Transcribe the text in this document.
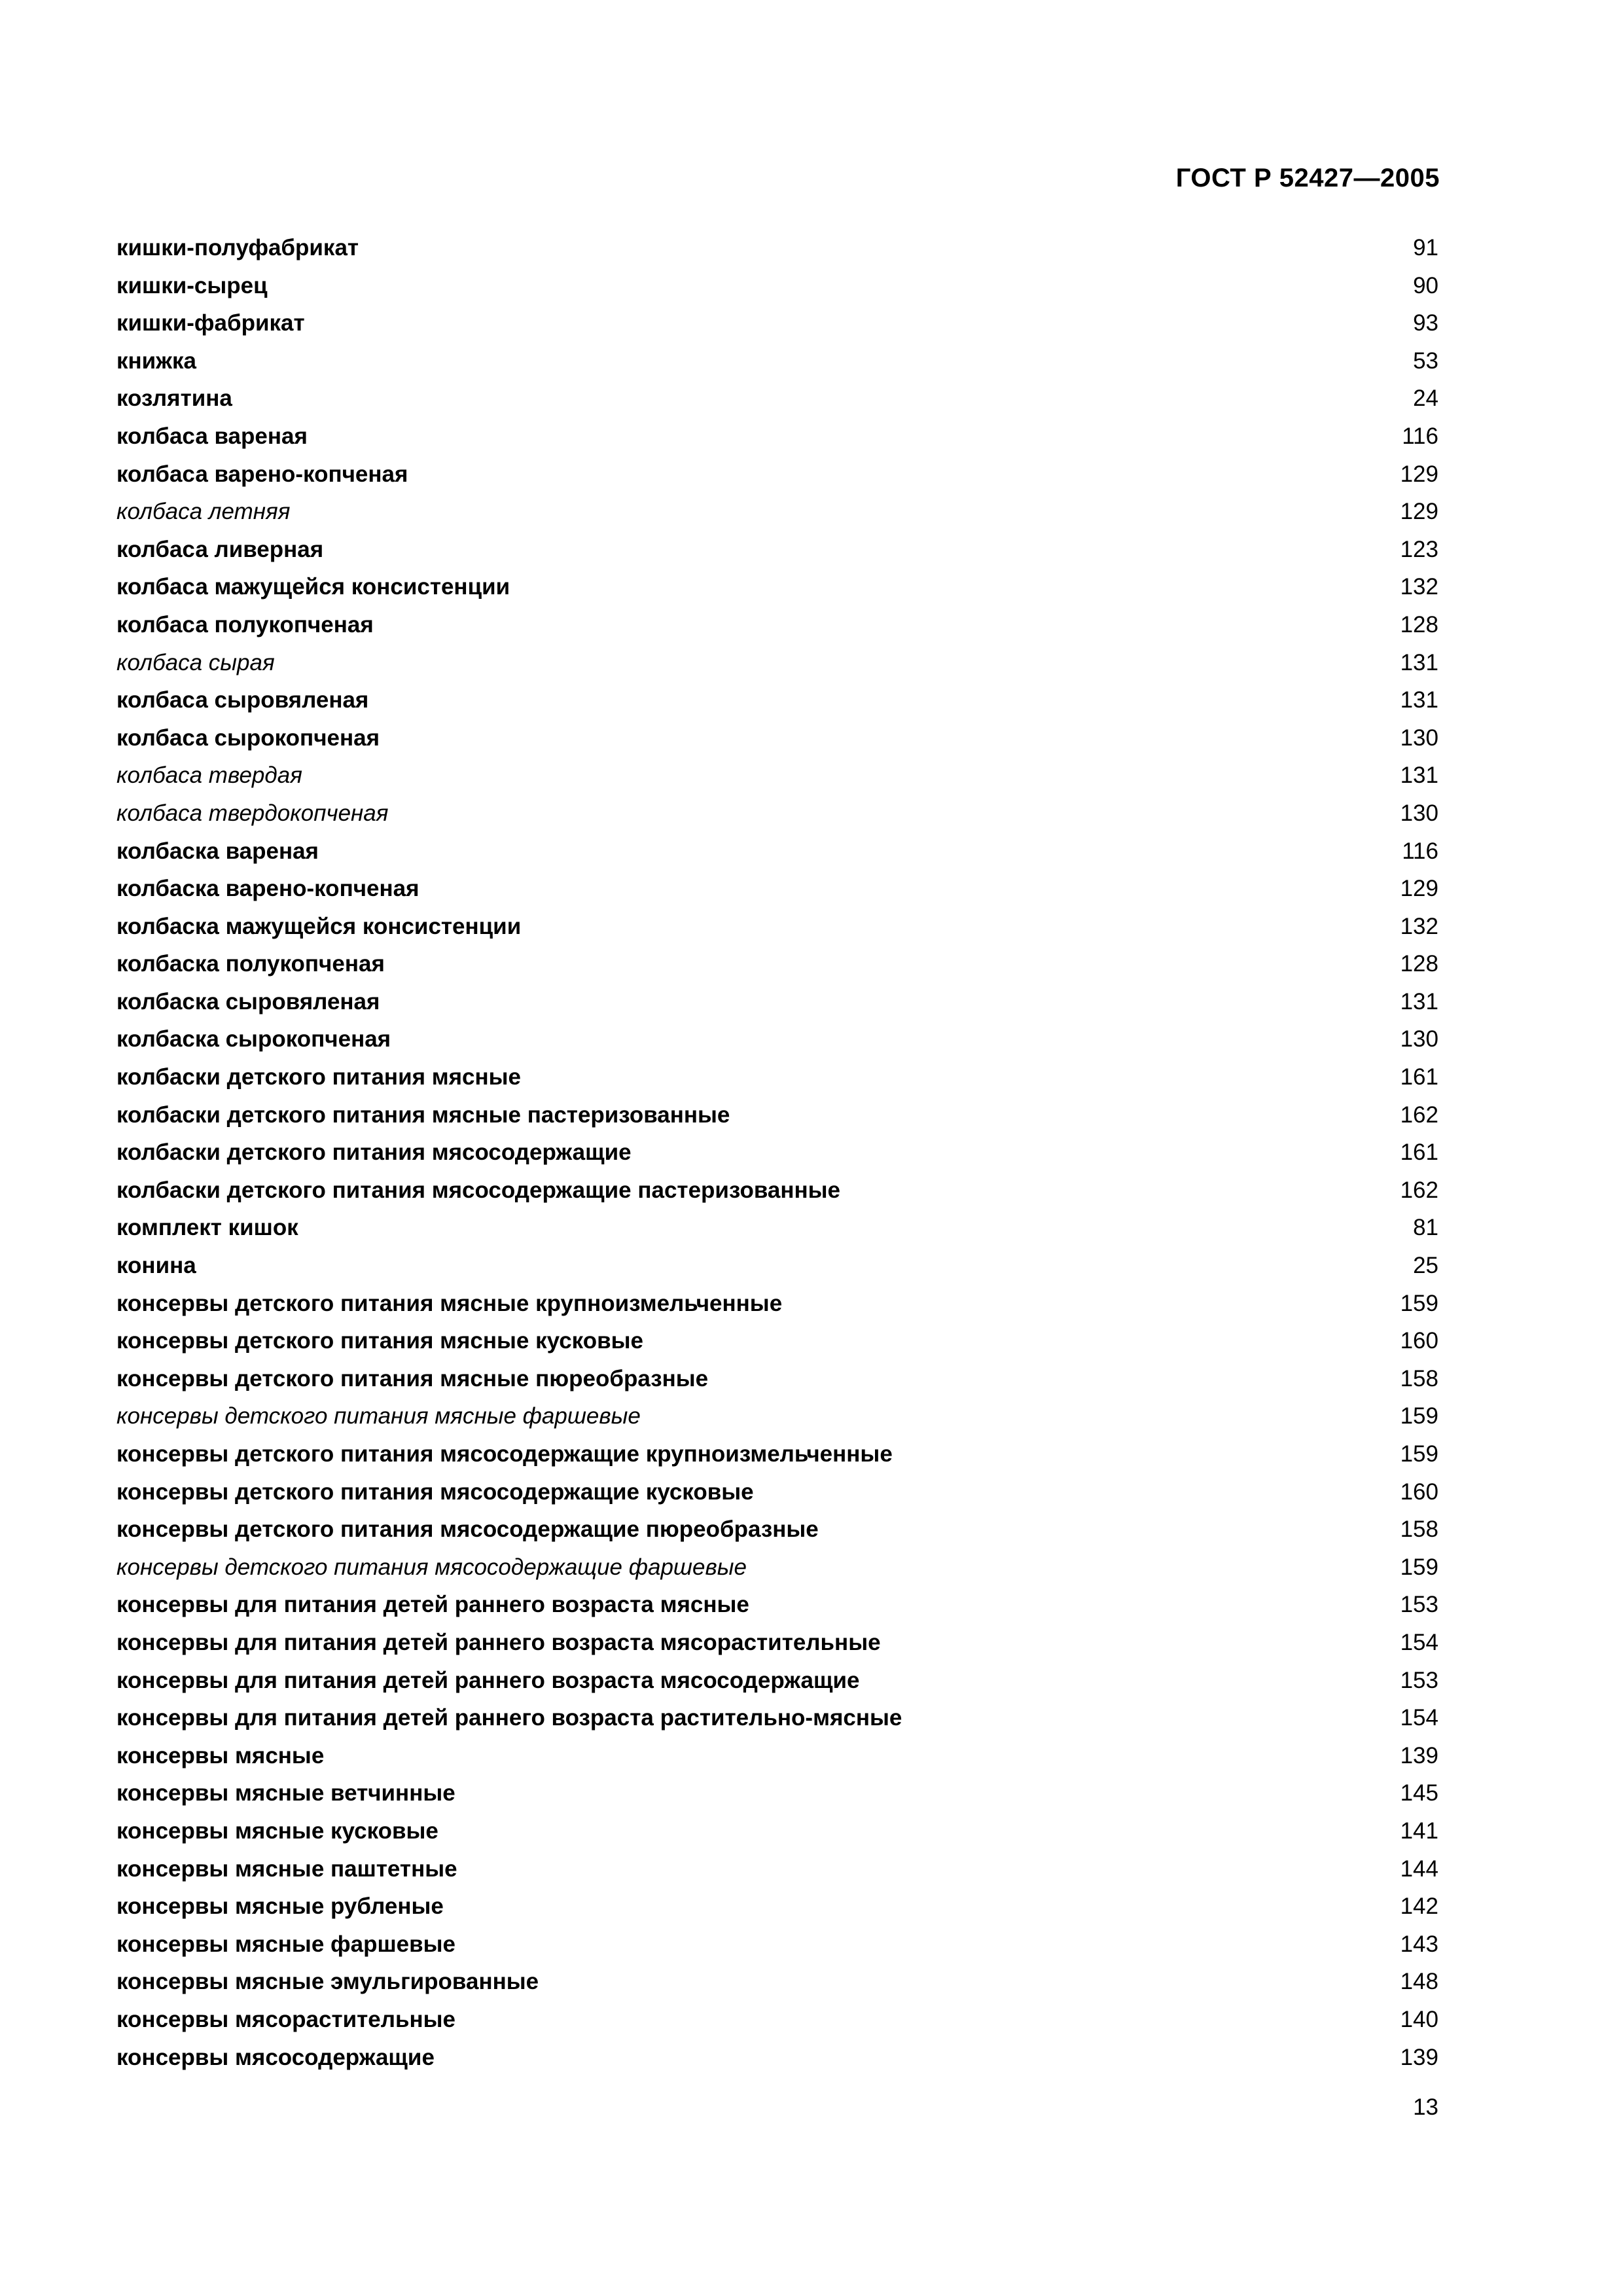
ГОСТ Р 52427—2005
кишки-полуфабрикат	91
кишки-сырец	90
кишки-фабрикат	93
книжка	53
козлятина	24
колбаса вареная	116
колбаса варено-копченая	129
колбаса летняя	129
колбаса ливерная	123
колбаса мажущейся консистенции	132
колбаса полукопченая	128
колбаса сырая	131
колбаса сыровяленая	131
колбаса сырокопченая	130
колбаса твердая	131
колбаса твердокопченая	130
колбаска вареная	116
колбаска варено-копченая	129
колбаска мажущейся консистенции	132
колбаска полукопченая	128
колбаска сыровяленая	131
колбаска сырокопченая	130
колбаски детского питания мясные	161
колбаски детского питания мясные пастеризованные	162
колбаски детского питания мясосодержащие	161
колбаски детского питания мясосодержащие пастеризованные	162
комплект кишок	81
конина	25
консервы детского питания мясные крупноизмельченные	159
консервы детского питания мясные кусковые	160
консервы детского питания мясные пюреобразные	158
консервы детского питания мясные фаршевые	159
консервы детского питания мясосодержащие крупноизмельченные	159
консервы детского питания мясосодержащие кусковые	160
консервы детского питания мясосодержащие пюреобразные	158
консервы детского питания мясосодержащие фаршевые	159
консервы для питания детей раннего возраста мясные	153
консервы для питания детей раннего возраста мясорастительные	154
консервы для питания детей раннего возраста мясосодержащие	153
консервы для питания детей раннего возраста растительно-мясные	154
консервы мясные	139
консервы мясные ветчинные	145
консервы мясные кусковые	141
консервы мясные паштетные	144
консервы мясные рубленые	142
консервы мясные фаршевые	143
консервы мясные эмульгированные	148
консервы мясорастительные	140
консервы мясосодержащие	139
13
